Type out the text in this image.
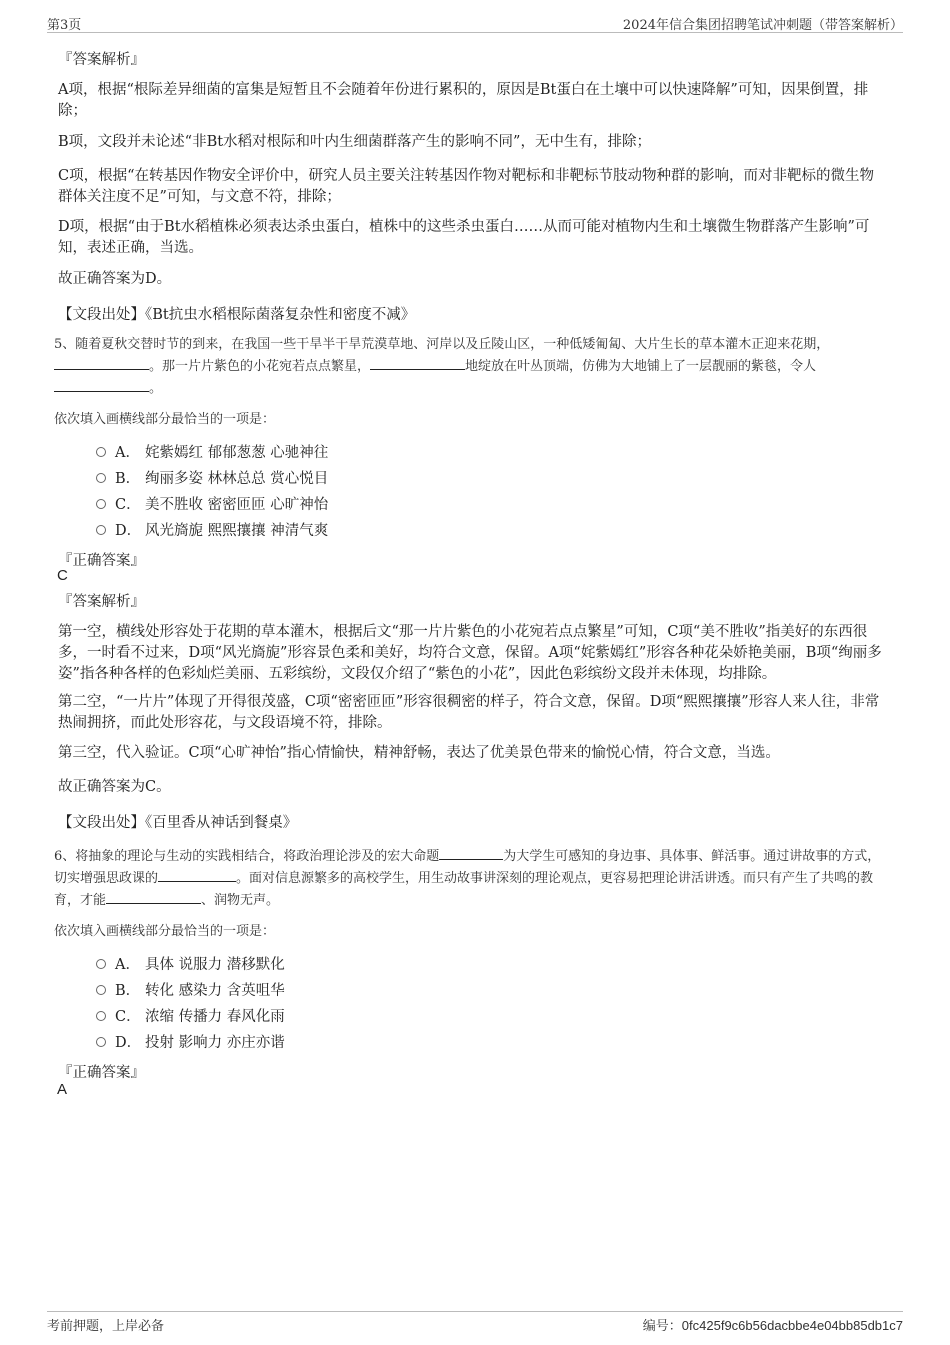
第3页	2024年信合集团招聘笔试冲刺题（带答案解析）
『答案解析』
A项，根据“根际差异细菌的富集是短暂且不会随着年份进行累积的，原因是Bt蛋白在土壤中可以快速降解”可知，因果倒置，排除；
B项，文段并未论述“非Bt水稻对根际和叶内生细菌群落产生的影响不同”，无中生有，排除；
C项，根据“在转基因作物安全评价中，研究人员主要关注转基因作物对靶标和非靶标节肢动物种群的影响，而对非靶标的微生物群体关注度不足”可知，与文意不符，排除；
D项，根据“由于Bt水稻植株必须表达杀虫蛋白，植株中的这些杀虫蛋白……从而可能对植物内生和土壤微生物群落产生影响”可知，表述正确，当选。
故正确答案为D。
【文段出处】《Bt抗虫水稻根际菌落复杂性和密度不减》
5、随着夏秋交替时节的到来，在我国一些干旱半干旱荒漠草地、河岸以及丘陵山区，一种低矮匍匐、大片生长的草本灌木正迎来花期，。那一片片紫色的小花宛若点点繁星，	地绽放在叶丛顶端，仿佛为大地铺上了一层靓丽的紫毯，令人
。
依次填入画横线部分最恰当的一项是：
A． 姹紫嫣红 郁郁葱葱 心驰神往
B． 绚丽多姿 林林总总 赏心悦目
C． 美不胜收 密密匝匝 心旷神怡
D． 风光旖旎 熙熙攘攘 神清气爽
『正确答案』
C
『答案解析』
第一空，横线处形容处于花期的草本灌木，根据后文“那一片片紫色的小花宛若点点繁星”可知，C项“美不胜收”指美好的东西很多，一时看不过来，D项“风光旖旎”形容景色柔和美好，均符合文意，保留。A项“姹紫嫣红”形容各种花朵娇艳美丽，B项“绚丽多姿”指各种各样的色彩灿烂美丽、五彩缤纷，文段仅介绍了“紫色的小花”，因此色彩缤纷文段并未体现，均排除。
第二空，“一片片”体现了开得很茂盛，C项“密密匝匝”形容很稠密的样子，符合文意，保留。D项“熙熙攘攘”形容人来人往，非常热闹拥挤，而此处形容花，与文段语境不符，排除。
第三空，代入验证。C项“心旷神怡”指心情愉快，精神舒畅，表达了优美景色带来的愉悦心情，符合文意，当选。
故正确答案为C。
【文段出处】《百里香从神话到餐桌》
6、将抽象的理论与生动的实践相结合，将政治理论涉及的宏大命题	为大学生可感知的身边事、具体事、鲜活事。通过讲故事的方式，切实增强思政课的	。面对信息源繁多的高校学生，用生动故事讲深刻的理论观点，更容易把理论讲活讲透。而只有产生了共鸣的教育，才能	、润物无声。
依次填入画横线部分最恰当的一项是：
A． 具体 说服力 潜移默化
B． 转化 感染力 含英咀华
C． 浓缩 传播力 春风化雨
D． 投射 影响力 亦庄亦谐
『正确答案』
A
考前押题，上岸必备	编号：0fc425f9c6b56dacbbe4e04bb85db1c7
